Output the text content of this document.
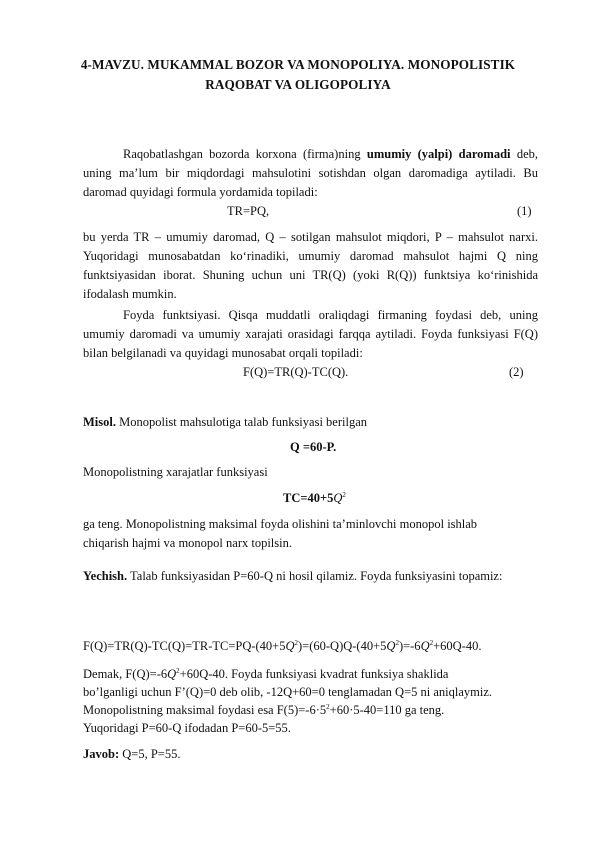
4-MAVZU. MUKAMMAL BOZOR VA MONOPOLIYA. MONOPOLISTIK
RAQOBAT VA OLIGOPOLIYA
Raqobatlashgan bozorda korxona (firma)ning umumiy (yalpi) daromadi deb, uning ma’lum bir miqdordagi mahsulotini sotishdan olgan daromadiga aytiladi. Bu daromad quyidagi formula yordamida topiladi:
TR=PQ,	(1)
bu yerda TR – umumiy daromad, Q – sotilgan mahsulot miqdori, P – mahsulot narxi. Yuqoridagi munosabatdan ko‘rinadiki, umumiy daromad mahsulot hajmi Q ning funktsiyasidan iborat. Shuning uchun uni TR(Q) (yoki R(Q)) funktsiya ko‘rinishida ifodalash mumkin.
Foyda funktsiyasi. Qisqa muddatli oraliqdagi firmaning foydasi deb, uning umumiy daromadi va umumiy xarajati orasidagi farqqa aytiladi. Foyda funksiyasi F(Q) bilan belgilanadi va quyidagi munosabat orqali topiladi:
F(Q)=TR(Q)-TC(Q).	(2)
Misol. Monopolist mahsulotiga talab funksiyasi berilgan
Q =60-P.
Monopolistning xarajatlar funksiyasi
$TC=40+5Q^2$
ga teng. Monopolistning maksimal foyda olishini ta’minlovchi monopol ishlab chiqarish hajmi va monopol narx topilsin.
Yechish. Talab funksiyasidan P=60-Q ni hosil qilamiz. Foyda funksiyasini topamiz:
$F(Q)=TR(Q)-TC(Q)=TR-TC=PQ-(40+5Q^2)=(60-Q)Q-(40+5Q^2)=-6Q^2+60Q-40$.
Demak, $F(Q)=-6Q^2+60Q-40$. Foyda funksiyasi kvadrat funksiya shaklida
bo’lganligi uchun F’(Q)=0 deb olib, -12Q+60=0 tenglamadan Q=5 ni aniqlaymiz.
Monopolistning maksimal foydasi esa $F(5)=-6\cdot 5^2+60\cdot 5-40=110$ ga teng.
Yuqoridagi P=60-Q ifodadan P=60-5=55.
Javob: Q=5, P=55.
